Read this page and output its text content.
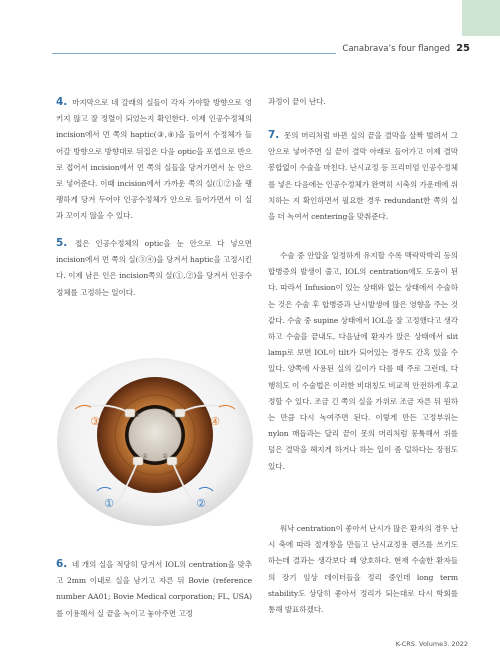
Canabrava’s four flanged 25
4. 마지막으로 네 갈래의 실들이 각자 가야할 방향으로 엉키지 않고 잘 정렬이 되었는지 확인한다. 이제 인공수정체의 incision에서 먼 쪽의 haptic(③,④)을 들어서 수정체가 들어갈 방향으로 방향대로 뒤집은 다음 optic을 포셉으로 반으로 접어서 incision에서 먼 쪽의 실들을 당겨가면서 눈 안으로 넣어준다. 이때 incision에서 가까운 쪽의 실(①②)을 팽팽하게 당겨 두어야 인공수정체가 안으로 들어가면서 이 실과 꼬이지 않을 수 있다.
5. 접은 인공수정체의 optic을 눈 안으로 다 넣으면 incision에서 먼 쪽의 실(③④)을 당겨서 haptic을 고정시킨다. 이제 남은 인은 incision쪽의 실(①,②)을 당겨서 인공수정체를 고정하는 일이다.
③	④
①	②
③	④
① ②
6. 네 개의 실을 적당히 당겨서 IOL의 centration을 맞추고 2mm 이내로 실을 남기고 자른 뒤 Bovie (reference number AA01; Bovie Medical corporation; FL, USA)를 이용해서 실 끝을 녹이고 놓아주면 고정
과정이 끝이 난다.
7. 못의 머리처럼 바뀐 실의 끝을 결막을 살짝 벌려서 그 안으로 넣어주면 실 끝이 결막 아래로 들어가고 이제 결막 봉합없이 수술을 마친다. 난시교정 등 프리미엄 인공수정체를 넣은 다음에는 인공수정체가 완벽히 시축의 가운데에 위치하는 지 확인하면서 필요한 경우 redundant한 쪽의 실을 더 녹여서 centering을 맞춰준다.
수술 중 안압을 일정하게 유지할 수록 맥락막박리 등의 합병증의 발생이 줄고, IOL의 centration에도 도움이 된다. 따라서 Infusion이 있는 상태와 없는 상태에서 수술하는 것은 수술 후 합병증과 난시발생에 많은 영향을 주는 것 같다. 수술 중 supine 상태에서 IOL을 잘 고정했다고 생각하고 수술을 끝내도, 다음날에 환자가 앉은 상태에서 slit lamp로 보면 IOL이 tilt가 되어있는 경우도 간혹 있을 수 있다. 양쪽에 사용된 실의 길이가 다를 때 주로 그런데, 다행히도 이 수술법은 이러한 비대칭도 비교적 안전하게 후교정할 수 있다. 조금 긴 쪽의 실을 가위로 조금 자른 뒤 원하는 만큼 다시 녹여주면 된다. 이렇게 만든 고정부위는 nylon 매듭과는 달리 끝이 못의 머리처럼 뭉툭해서 위를 덮은 결막을 헤지게 하거나 하는 일이 좀 덜하다는 장점도 있다.
워낙 centration이 좋아서 난시가 많은 환자의 경우 난시 축에 따라 절개창을 만들고 난시교정용 렌즈를 쓰기도 하는데 결과는 생각보다 꽤 양호하다. 현재 수술한 환자들의 장기 임상 데이터들을 정리 중인데 long term stability도 상당히 좋아서 정리가 되는대로 다시 학회를 통해 발표하겠다.
K-CRS. Volume3. 2022
